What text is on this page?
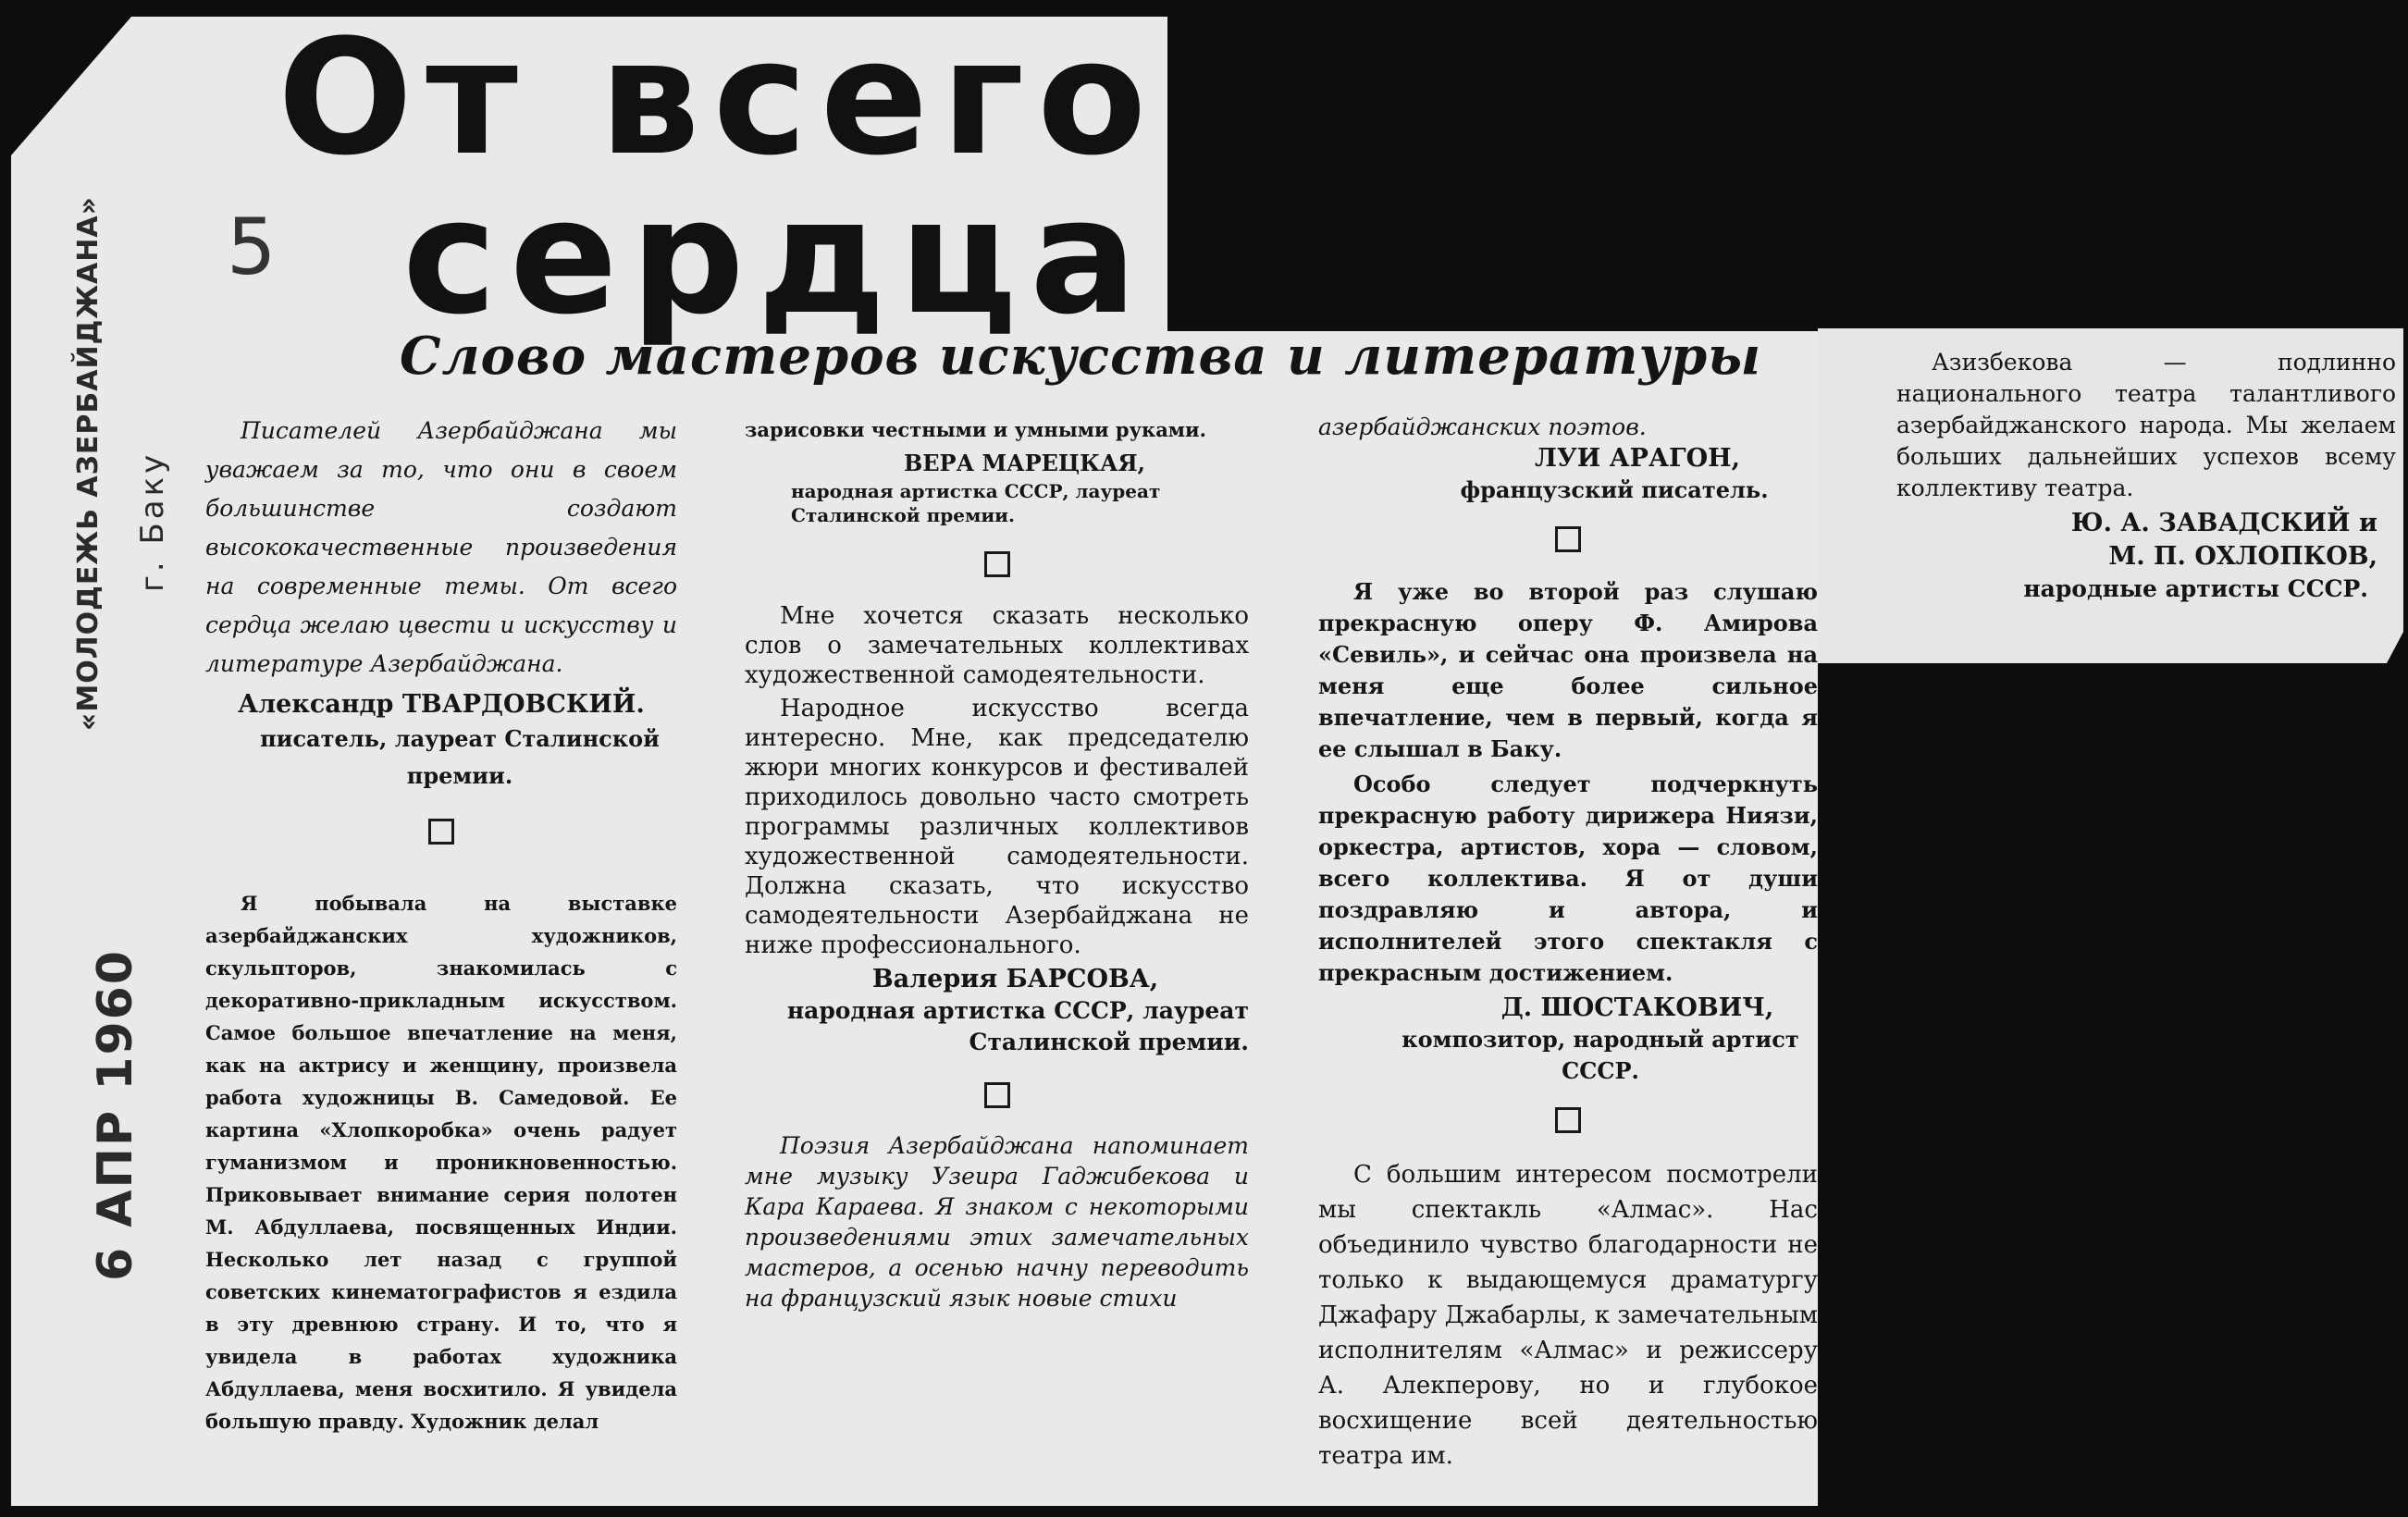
От всего
сердца
5
Слово мастеров искусства и литературы
«МОЛОДЕЖЬ АЗЕРБАЙДЖАНА» г. Баку
6 АПР 1960

Писателей Азербайджана мы уважаем за то, что они в своем большинстве создают высококачественные произведения на современные темы. От всего сердца желаю цвести и искусству и литературе Азербайджана.

Александр ТВАРДОВСКИЙ.

писатель, лауреат Сталинской премии.

Я побывала на выставке азербайджанских художников, скульпторов, знакомилась с декоративно-прикладным искусством. Самое большое впечатление на меня, как на актрису и женщину, произвела работа художницы В. Самедовой. Ее картина «Хлопкоробка» очень радует гуманизмом и проникновенностью. Приковывает внимание серия полотен М. Абдуллаева, посвященных Индии. Несколько лет назад с группой советских кинематографистов я ездила в эту древнюю страну. И то, что я увидела в работах художника Абдуллаева, меня восхитило. Я увидела большую правду. Художник делал

зарисовки честными и умными руками.

ВЕРА МАРЕЦКАЯ,

народная артистка СССР, лауреат Сталинской премии.

Мне хочется сказать несколько слов о замечательных коллективах художественной самодеятельности.

Народное искусство всегда интересно. Мне, как председателю жюри многих конкурсов и фестивалей приходилось довольно часто смотреть программы различных коллективов художественной самодеятельности. Должна сказать, что искусство самодеятельности Азербайджана не ниже профессионального.

Валерия БАРСОВА,

народная артистка СССР, лауреат Сталинской премии.

Поэзия Азербайджана напоминает мне музыку Узеира Гаджибекова и Кара Караева. Я знаком с некоторыми произведениями этих замечательных мастеров, а осенью начну переводить на французский язык новые стихи

азербайджанских поэтов.

ЛУИ АРАГОН,

французский писатель.

Я уже во второй раз слушаю прекрасную оперу Ф. Амирова «Севиль», и сейчас она произвела на меня еще более сильное впечатление, чем в первый, когда я ее слышал в Баку.

Особо следует подчеркнуть прекрасную работу дирижера Ниязи, оркестра, артистов, хора — словом, всего коллектива. Я от души поздравляю и автора, и исполнителей этого спектакля с прекрасным достижением.

Д. ШОСТАКОВИЧ,

композитор, народный артист СССР.

С большим интересом посмотрели мы спектакль «Алмас». Нас объединило чувство благодарности не только к выдающемуся драматургу Джафару Джабарлы, к замечательным исполнителям «Алмас» и режиссеру А. Алекперову, но и глубокое восхищение всей деятельностью театра им.

Азизбекова — подлинно национального театра талантливого азербайджанского народа. Мы желаем больших дальнейших успехов всему коллективу театра.

Ю. А. ЗАВАДСКИЙ и

М. П. ОХЛОПКОВ,

народные артисты СССР.
